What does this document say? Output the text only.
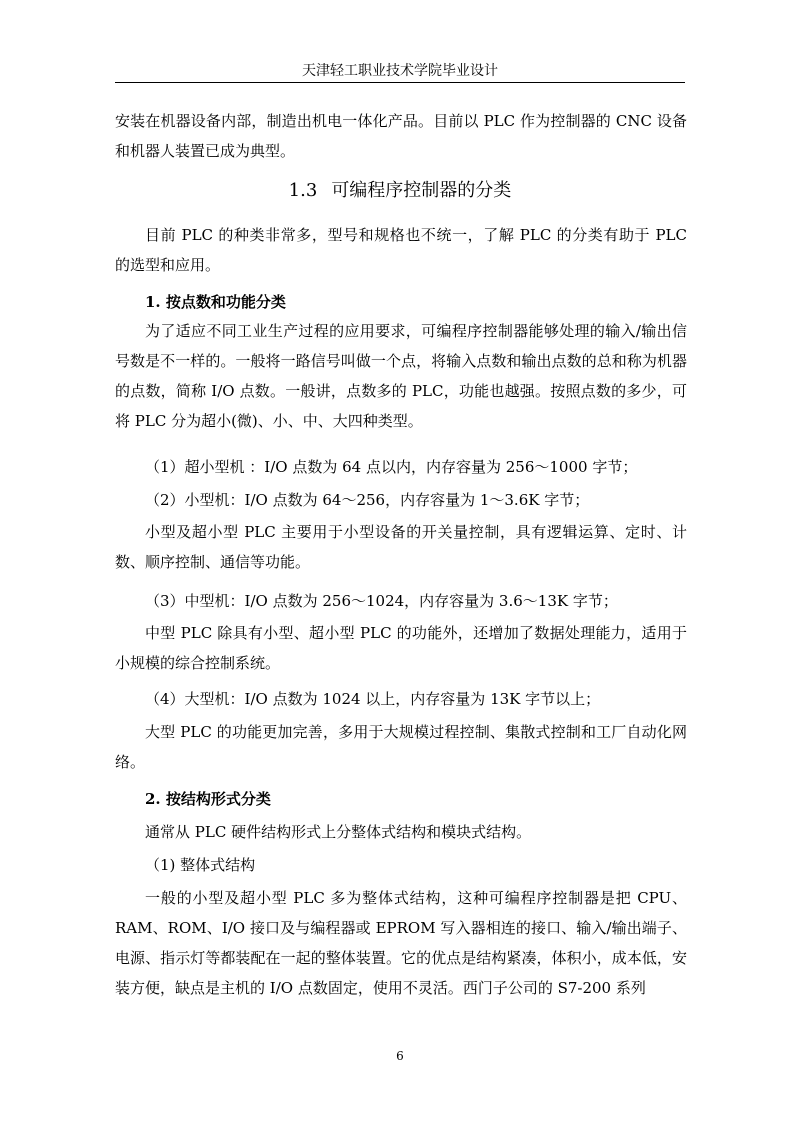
天津轻工职业技术学院毕业设计

安装在机器设备内部，制造出机电一体化产品。目前以 PLC 作为控制器的 CNC 设备和机器人装置已成为典型。

1.3 可编程序控制器的分类

目前 PLC 的种类非常多，型号和规格也不统一，了解 PLC 的分类有助于 PLC 的选型和应用。

1. 按点数和功能分类

为了适应不同工业生产过程的应用要求，可编程序控制器能够处理的输入/输出信号数是不一样的。一般将一路信号叫做一个点，将输入点数和输出点数的总和称为机器的点数，简称 I/O 点数。一般讲，点数多的 PLC，功能也越强。按照点数的多少，可将 PLC 分为超小(微)、小、中、大四种类型。

（1）超小型机 ：I/O 点数为 64 点以内，内存容量为 256～1000 字节；

（2）小型机：I/O 点数为 64～256，内存容量为 1～3.6K 字节；

小型及超小型 PLC 主要用于小型设备的开关量控制，具有逻辑运算、定时、计数、顺序控制、通信等功能。

（3）中型机：I/O 点数为 256～1024，内存容量为 3.6～13K 字节；

中型 PLC 除具有小型、超小型 PLC 的功能外，还增加了数据处理能力，适用于小规模的综合控制系统。

（4）大型机：I/O 点数为 1024 以上，内存容量为 13K 字节以上；

大型 PLC 的功能更加完善，多用于大规模过程控制、集散式控制和工厂自动化网络。

2. 按结构形式分类

通常从 PLC 硬件结构形式上分整体式结构和模块式结构。

（1) 整体式结构

一般的小型及超小型 PLC 多为整体式结构，这种可编程序控制器是把 CPU、RAM、ROM、I/O 接口及与编程器或 EPROM 写入器相连的接口、输入/输出端子、电源、指示灯等都装配在一起的整体装置。它的优点是结构紧凑，体积小，成本低，安装方便，缺点是主机的 I/O 点数固定，使用不灵活。西门子公司的 S7-200 系列

6
